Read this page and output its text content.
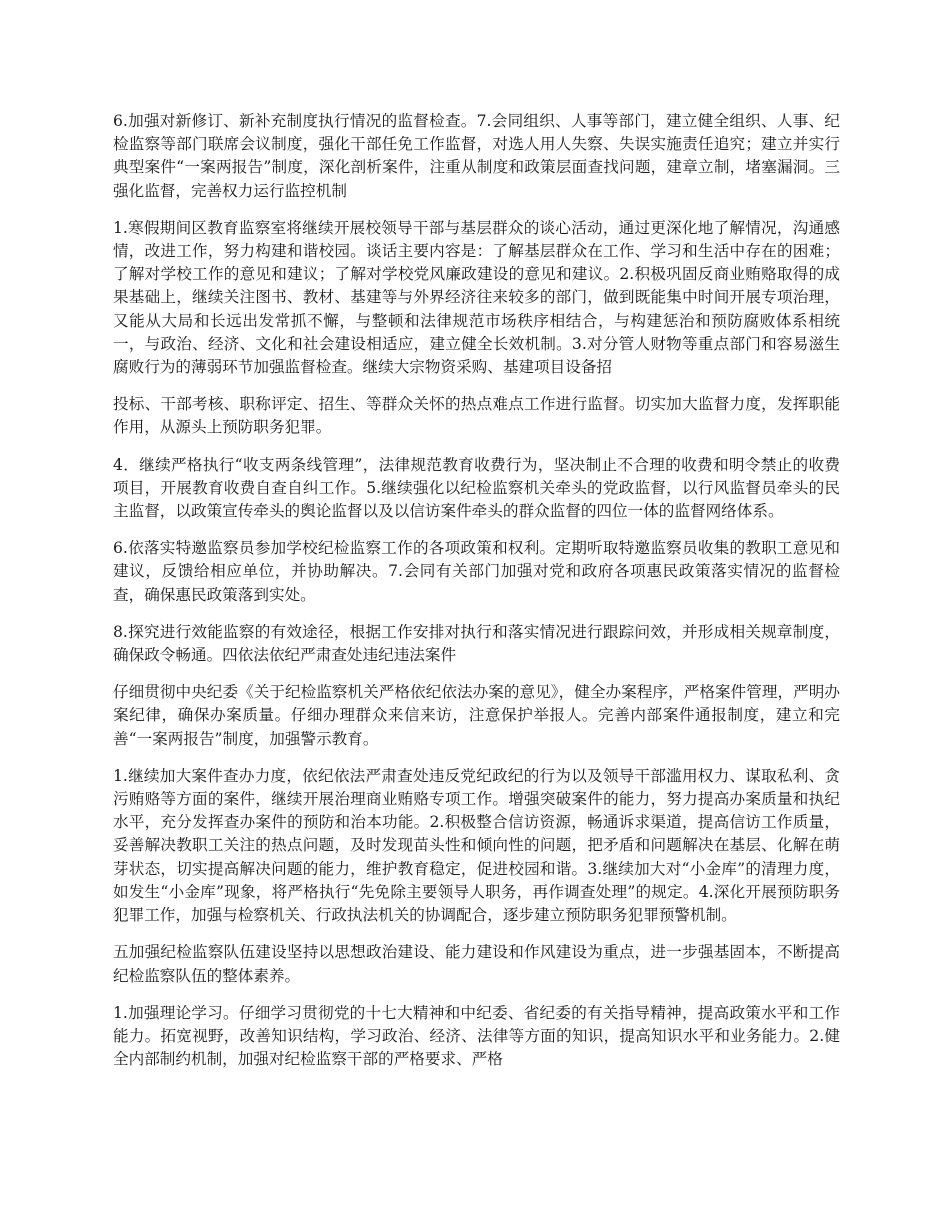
6.加强对新修订、新补充制度执行情况的监督检查。7.会同组织、人事等部门，建立健全组织、人事、纪检监察等部门联席会议制度，强化干部任免工作监督，对选人用人失察、失误实施责任追究；建立并实行典型案件“一案两报告”制度，深化剖析案件，注重从制度和政策层面查找问题，建章立制，堵塞漏洞。三强化监督，完善权力运行监控机制

1.寒假期间区教育监察室将继续开展校领导干部与基层群众的谈心活动，通过更深化地了解情况，沟通感情，改进工作，努力构建和谐校园。谈话主要内容是：了解基层群众在工作、学习和生活中存在的困难；了解对学校工作的意见和建议；了解对学校党风廉政建设的意见和建议。2.积极巩固反商业贿赂取得的成果基础上，继续关注图书、教材、基建等与外界经济往来较多的部门，做到既能集中时间开展专项治理，又能从大局和长远出发常抓不懈，与整顿和法律规范市场秩序相结合，与构建惩治和预防腐败体系相统一，与政治、经济、文化和社会建设相适应，建立健全长效机制。3.对分管人财物等重点部门和容易滋生腐败行为的薄弱环节加强监督检查。继续大宗物资采购、基建项目设备招

投标、干部考核、职称评定、招生、等群众关怀的热点难点工作进行监督。切实加大监督力度，发挥职能作用，从源头上预防职务犯罪。

4．继续严格执行“收支两条线管理”，法律规范教育收费行为，坚决制止不合理的收费和明令禁止的收费项目，开展教育收费自查自纠工作。5.继续强化以纪检监察机关牵头的党政监督，以行风监督员牵头的民主监督，以政策宣传牵头的舆论监督以及以信访案件牵头的群众监督的四位一体的监督网络体系。

6.依落实特邀监察员参加学校纪检监察工作的各项政策和权利。定期听取特邀监察员收集的教职工意见和建议，反馈给相应单位，并协助解决。7.会同有关部门加强对党和政府各项惠民政策落实情况的监督检查，确保惠民政策落到实处。

8.探究进行效能监察的有效途径，根据工作安排对执行和落实情况进行跟踪问效，并形成相关规章制度，确保政令畅通。四依法依纪严肃查处违纪违法案件

仔细贯彻中央纪委《关于纪检监察机关严格依纪依法办案的意见》，健全办案程序，严格案件管理，严明办案纪律，确保办案质量。仔细办理群众来信来访，注意保护举报人。完善内部案件通报制度，建立和完善“一案两报告”制度，加强警示教育。

1.继续加大案件查办力度，依纪依法严肃查处违反党纪政纪的行为以及领导干部滥用权力、谋取私利、贪污贿赂等方面的案件，继续开展治理商业贿赂专项工作。增强突破案件的能力，努力提高办案质量和执纪水平，充分发挥查办案件的预防和治本功能。2.积极整合信访资源，畅通诉求渠道，提高信访工作质量，妥善解决教职工关注的热点问题，及时发现苗头性和倾向性的问题，把矛盾和问题解决在基层、化解在萌芽状态，切实提高解决问题的能力，维护教育稳定，促进校园和谐。3.继续加大对“小金库”的清理力度，如发生“小金库”现象，将严格执行“先免除主要领导人职务，再作调查处理”的规定。4.深化开展预防职务犯罪工作，加强与检察机关、行政执法机关的协调配合，逐步建立预防职务犯罪预警机制。

五加强纪检监察队伍建设坚持以思想政治建设、能力建设和作风建设为重点，进一步强基固本，不断提高纪检监察队伍的整体素养。

1.加强理论学习。仔细学习贯彻党的十七大精神和中纪委、省纪委的有关指导精神，提高政策水平和工作能力。拓宽视野，改善知识结构，学习政治、经济、法律等方面的知识，提高知识水平和业务能力。2.健全内部制约机制，加强对纪检监察干部的严格要求、严格
